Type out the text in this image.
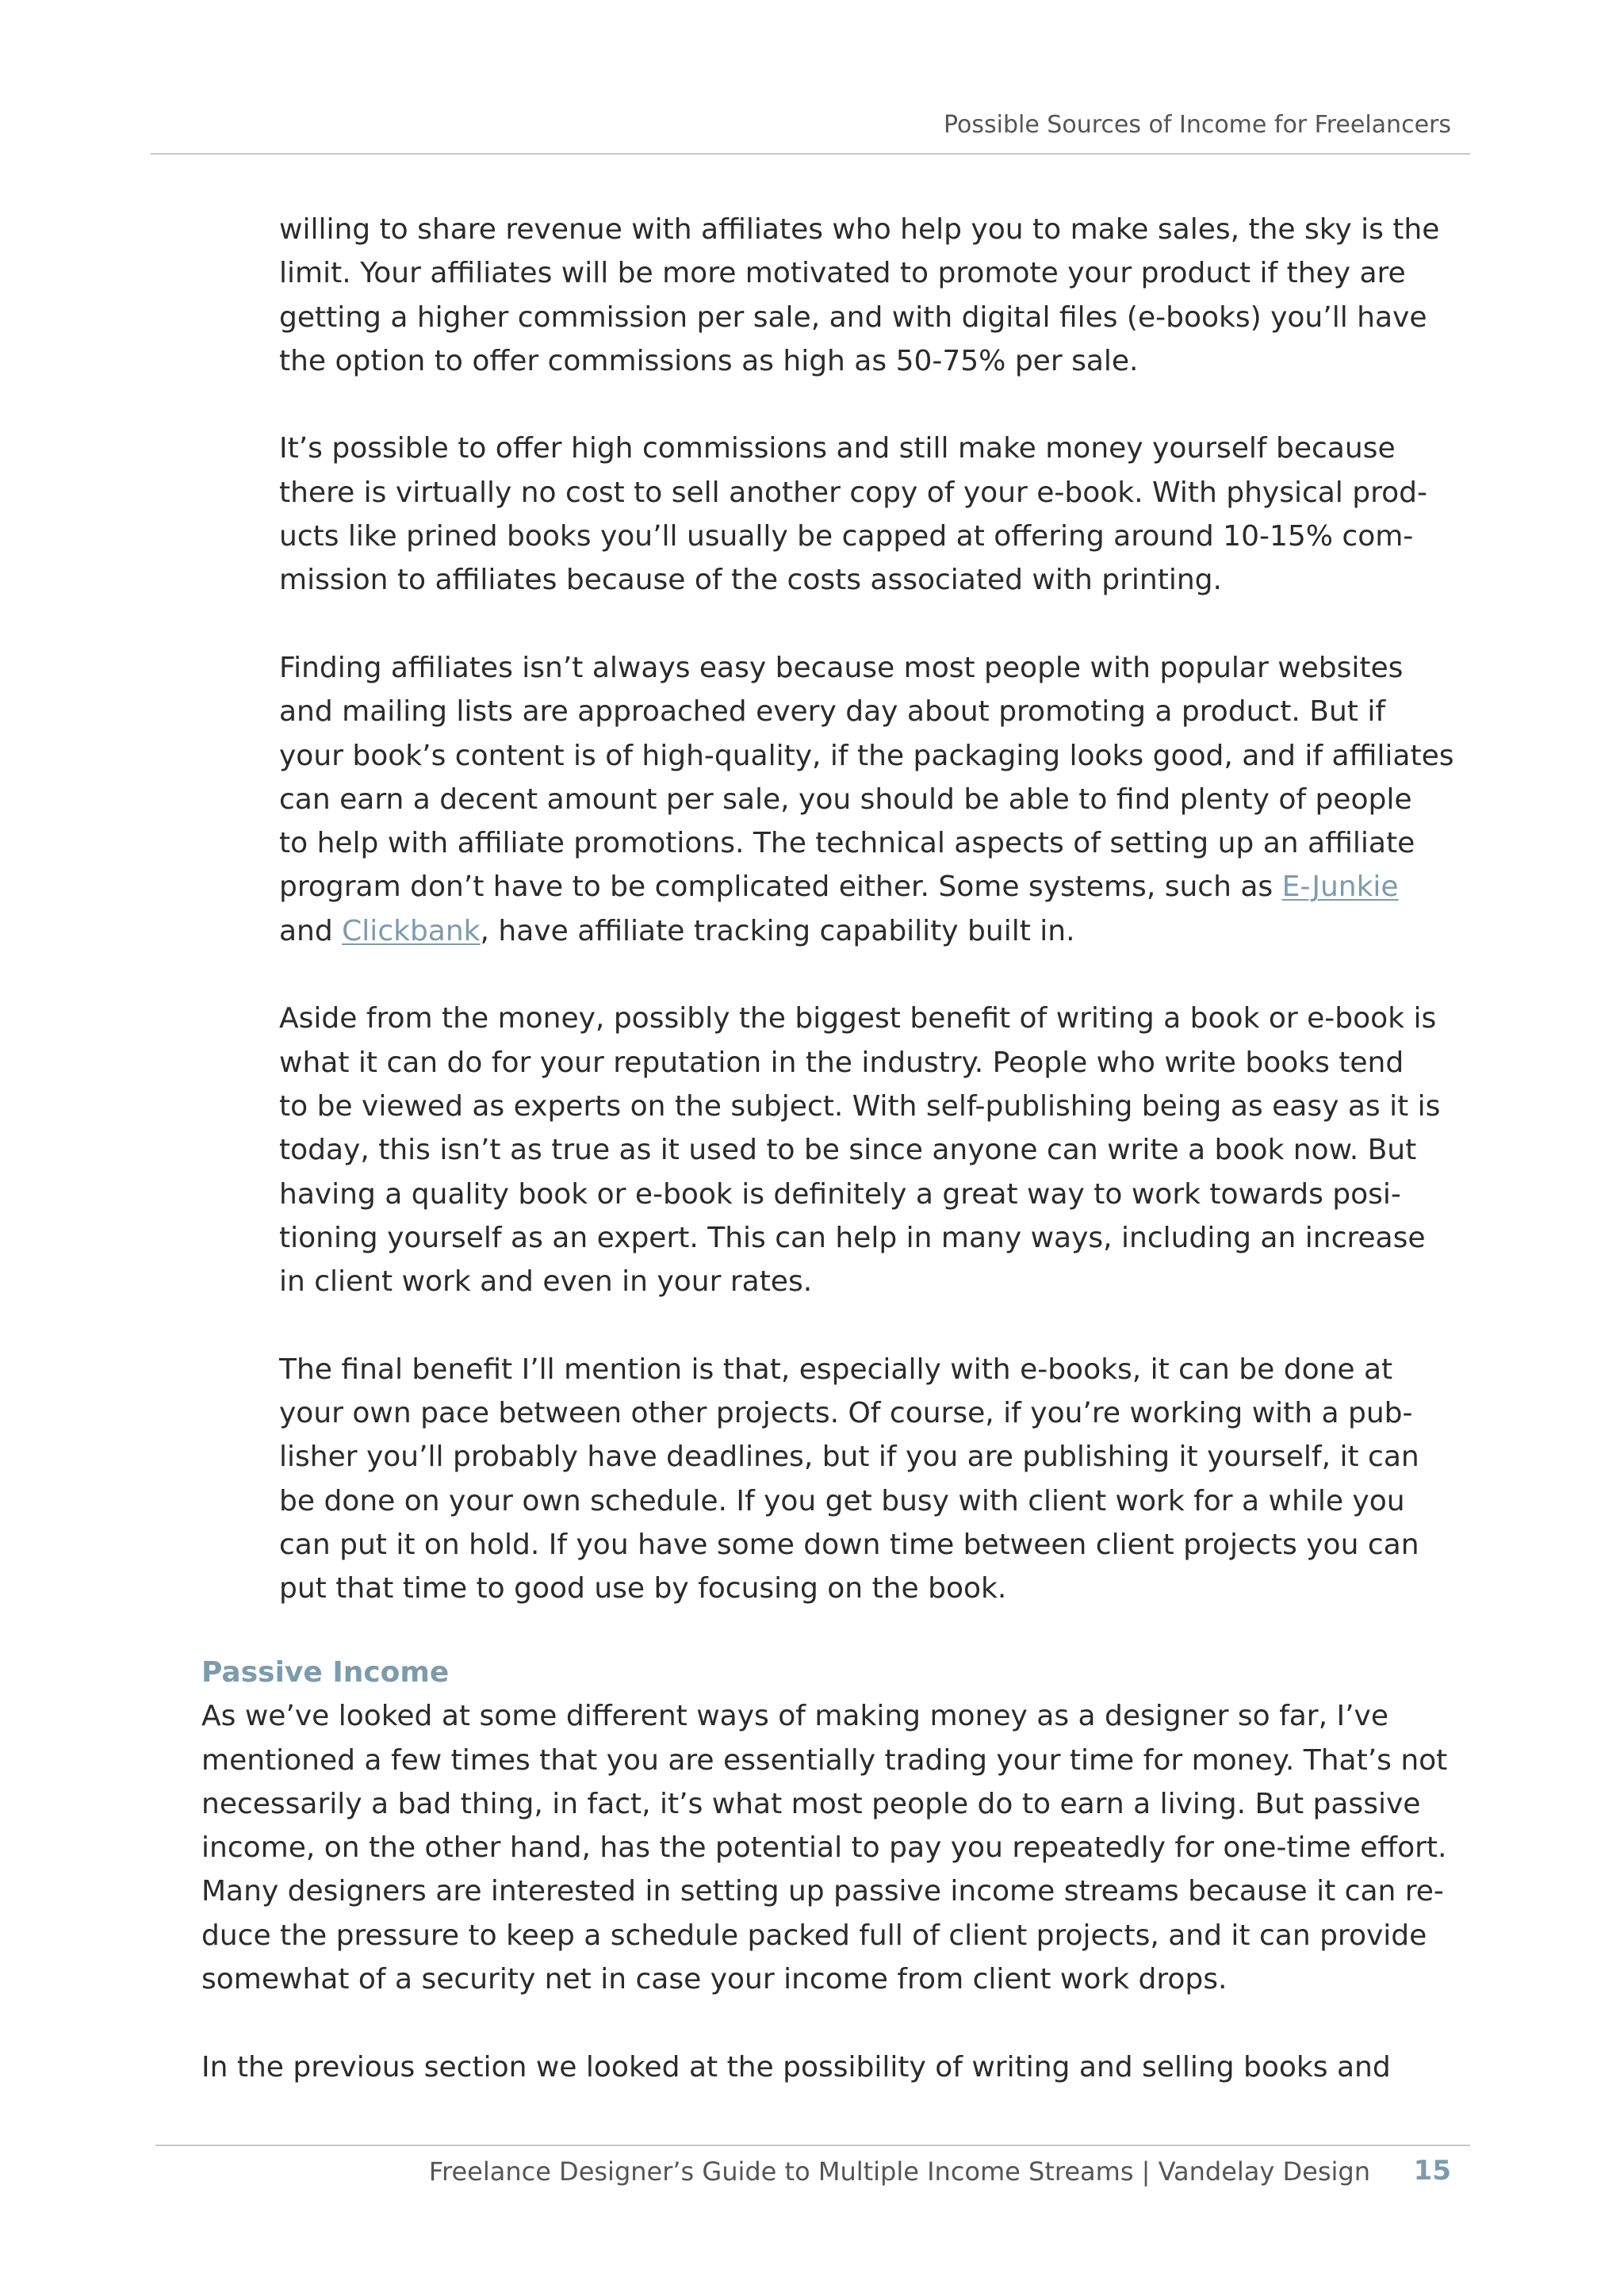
Possible Sources of Income for Freelancers

willing to share revenue with affiliates who help you to make sales, the sky is the
limit. Your affiliates will be more motivated to promote your product if they are
getting a higher commission per sale, and with digital files (e-books) you’ll have
the option to offer commissions as high as 50-75% per sale.

It’s possible to offer high commissions and still make money yourself because
there is virtually no cost to sell another copy of your e-book. With physical prod-
ucts like prined books you’ll usually be capped at offering around 10-15% com-
mission to affiliates because of the costs associated with printing.

Finding affiliates isn’t always easy because most people with popular websites
and mailing lists are approached every day about promoting a product. But if
your book’s content is of high-quality, if the packaging looks good, and if affiliates
can earn a decent amount per sale, you should be able to find plenty of people
to help with affiliate promotions. The technical aspects of setting up an affiliate
program don’t have to be complicated either. Some systems, such as E-Junkie
and Clickbank, have affiliate tracking capability built in.

Aside from the money, possibly the biggest benefit of writing a book or e-book is
what it can do for your reputation in the industry. People who write books tend
to be viewed as experts on the subject. With self-publishing being as easy as it is
today, this isn’t as true as it used to be since anyone can write a book now. But
having a quality book or e-book is definitely a great way to work towards posi-
tioning yourself as an expert. This can help in many ways, including an increase
in client work and even in your rates.

The final benefit I’ll mention is that, especially with e-books, it can be done at
your own pace between other projects. Of course, if you’re working with a pub-
lisher you’ll probably have deadlines, but if you are publishing it yourself, it can
be done on your own schedule. If you get busy with client work for a while you
can put it on hold. If you have some down time between client projects you can
put that time to good use by focusing on the book.

Passive Income

As we’ve looked at some different ways of making money as a designer so far, I’ve
mentioned a few times that you are essentially trading your time for money. That’s not
necessarily a bad thing, in fact, it’s what most people do to earn a living. But passive
income, on the other hand, has the potential to pay you repeatedly for one-time effort.
Many designers are interested in setting up passive income streams because it can re-
duce the pressure to keep a schedule packed full of client projects, and it can provide
somewhat of a security net in case your income from client work drops.

In the previous section we looked at the possibility of writing and selling books and

Freelance Designer’s Guide to Multiple Income Streams | Vandelay Design 15
